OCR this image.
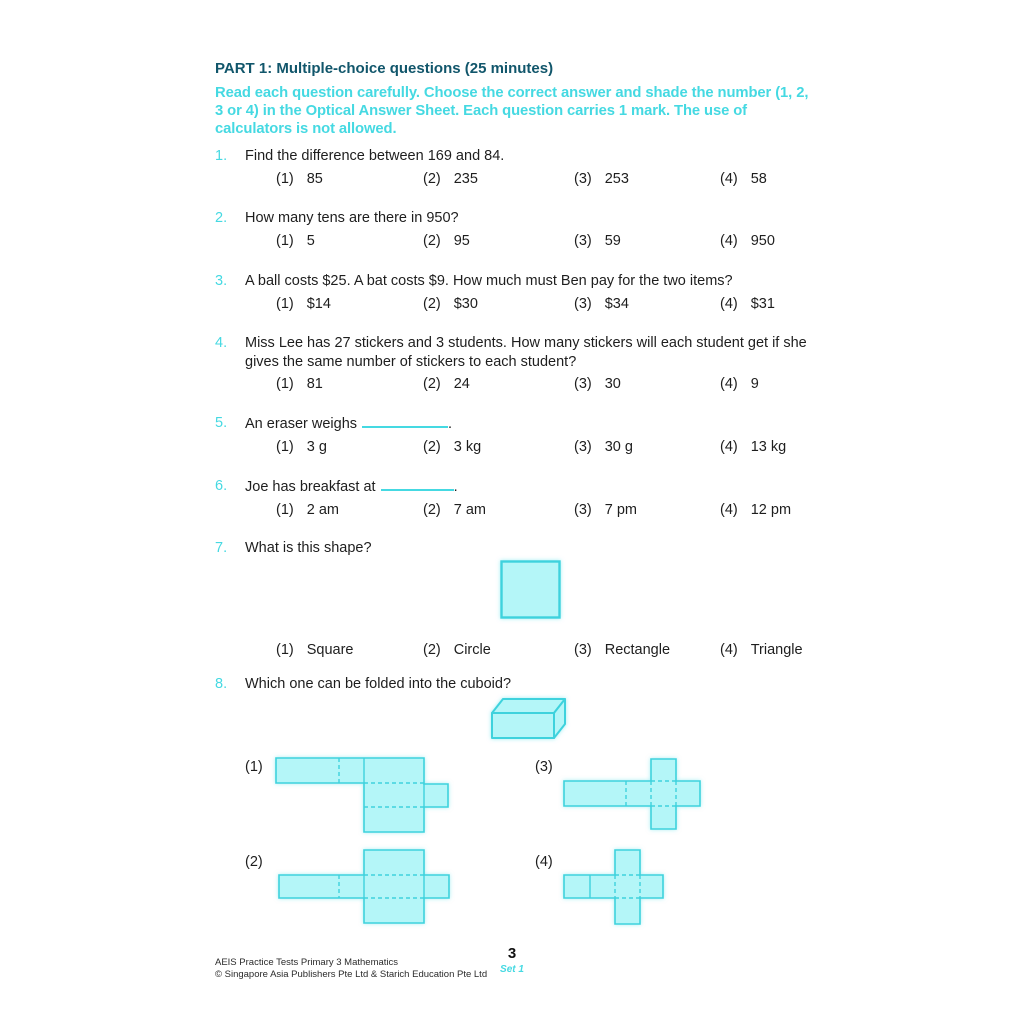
PART 1: Multiple-choice questions (25 minutes)
Read each question carefully. Choose the correct answer and shade the number (1, 2, 3 or 4) in the Optical Answer Sheet. Each question carries 1 mark. The use of calculators is not allowed.
1. Find the difference between 169 and 84.
(1) 85	(2) 235	(3) 253	(4) 58
2. How many tens are there in 950?
(1) 5	(2) 95	(3) 59	(4) 950
3. A ball costs $25. A bat costs $9. How much must Ben pay for the two items?
(1) $14	(2) $30	(3) $34	(4) $31
4. Miss Lee has 27 stickers and 3 students. How many stickers will each student get if she gives the same number of stickers to each student?
(1) 81	(2) 24	(3) 30	(4) 9
5. An eraser weighs	.
(1) 3 g	(2) 3 kg	(3) 30 g	(4) 13 kg
6. Joe has breakfast at	.
(1) 2 am	(2) 7 am	(3) 7 pm	(4) 12 pm
7. What is this shape?
(1) Square	(2) Circle	(3) Rectangle	(4) Triangle
8. Which one can be folded into the cuboid?
(1)	(3)
(2)	(4)
AEIS Practice Tests Primary 3 Mathematics
© Singapore Asia Publishers Pte Ltd & Starich Education Pte Ltd
3
Set 1
